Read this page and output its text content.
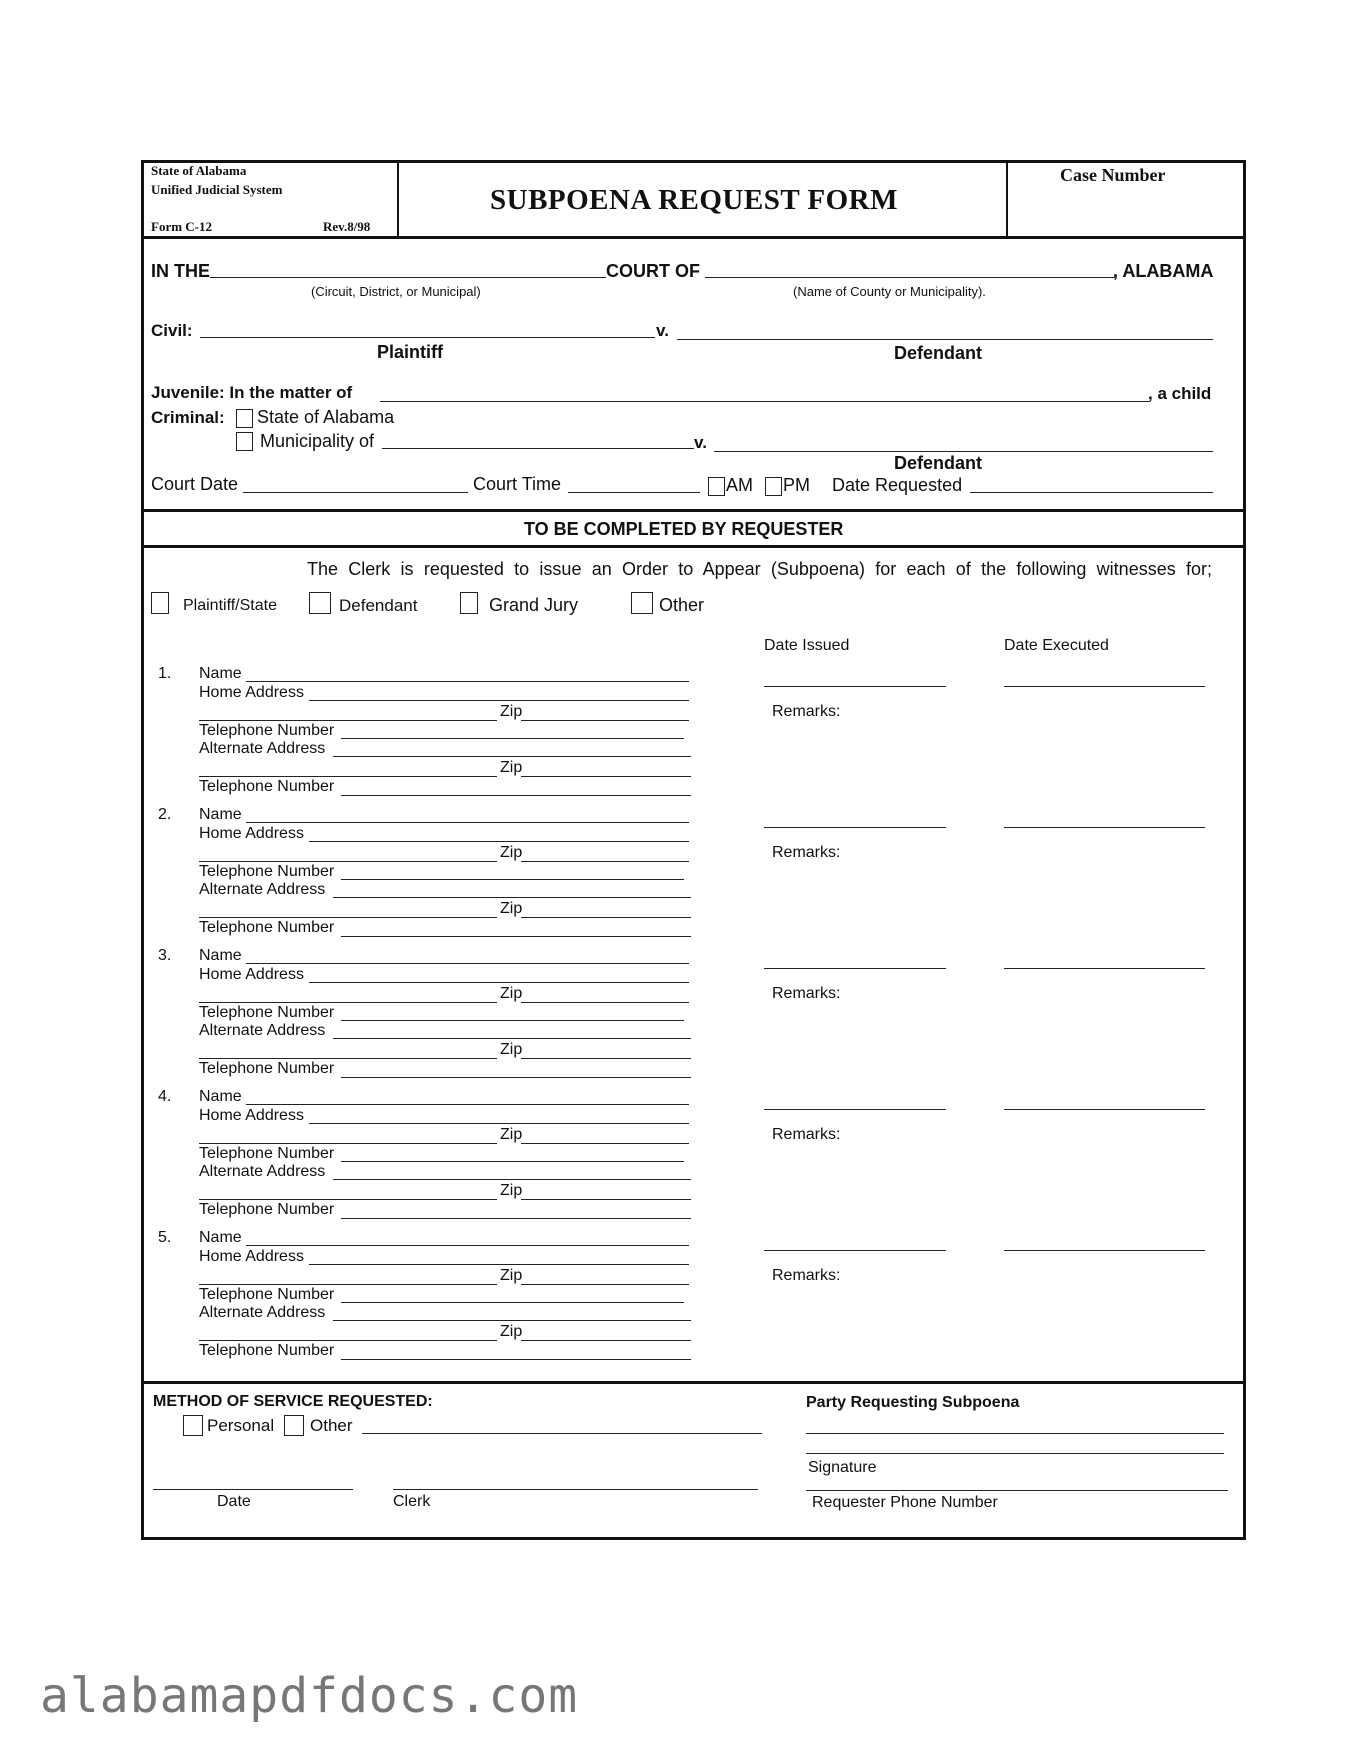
State of Alabama
Unified Judicial System
Form C-12	Rev.8/98
SUBPOENA REQUEST FORM
Case Number
IN THE	COURT OF	, ALABAMA
(Circuit, District, or Municipal)	(Name of County or Municipality).
Civil:	v.
Plaintiff	Defendant
Juvenile: In the matter of	, a child
Criminal: State of Alabama
Municipality of	v.
Defendant
Court Date	Court Time	AM PM Date Requested
TO BE COMPLETED BY REQUESTER
The Clerk is requested to issue an Order to Appear (Subpoena) for each of the following witnesses for;
Plaintiff/State	Defendant	Grand Jury	Other
Date Issued	Date Executed
1. Name
Home Address
Zip
Telephone Number
Alternate Address
Zip
Telephone Number
Remarks:
2. Name
Home Address
Zip
Telephone Number
Alternate Address
Zip
Telephone Number
Remarks:
3. Name
Home Address
Zip
Telephone Number
Alternate Address
Zip
Telephone Number
Remarks:
4. Name
Home Address
Zip
Telephone Number
Alternate Address
Zip
Telephone Number
Remarks:
5. Name
Home Address
Zip
Telephone Number
Alternate Address
Zip
Telephone Number
Remarks:
METHOD OF SERVICE REQUESTED:
Personal Other
Date	Clerk
Party Requesting Subpoena
Signature
Requester Phone Number
alabamapdfdocs.com
